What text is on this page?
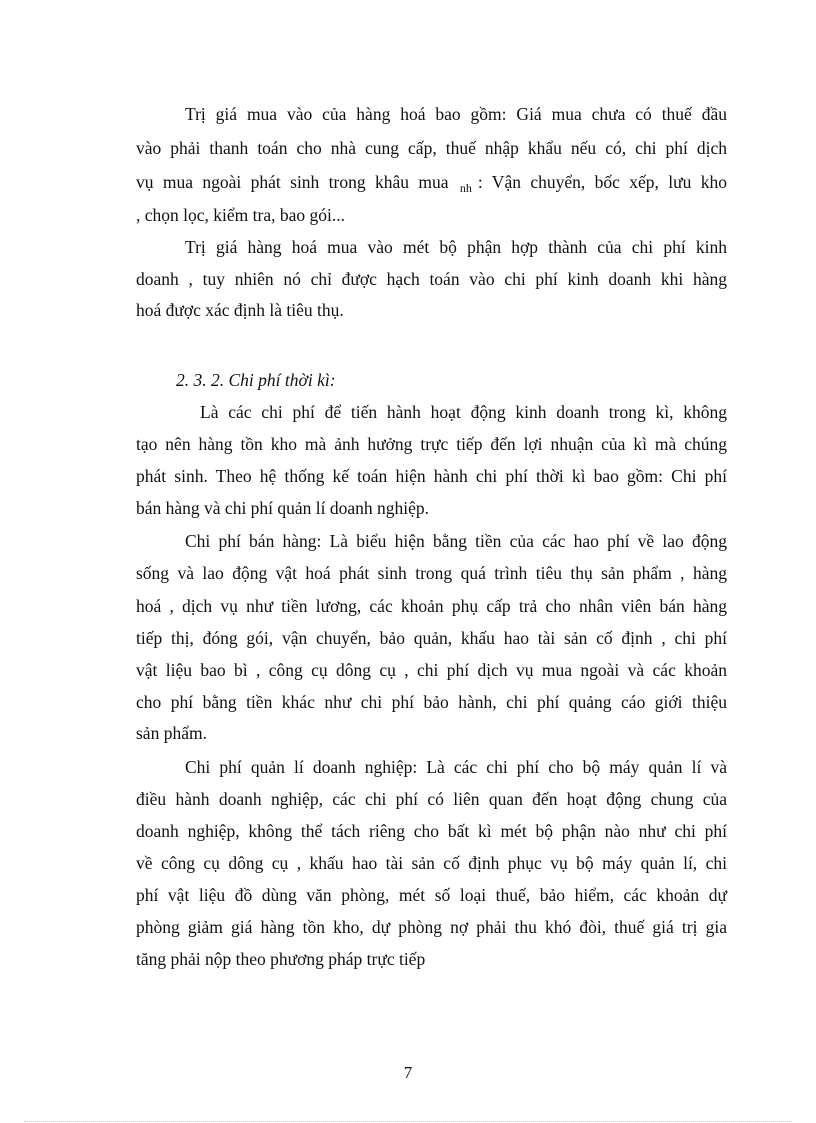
Trị giá mua vào của hàng hoá bao gồm: Giá mua chưa có thuế đầu
vào phải thanh toán cho nhà cung cấp, thuế nhập khẩu nếu có, chi phí dịch
vụ mua ngoài phát sinh trong khâu mua $_{nh}$ : Vận chuyển, bốc xếp, lưu kho
, chọn lọc, kiểm tra, bao gói...
Trị giá hàng hoá mua vào mét bộ phận hợp thành của chi phí kinh
doanh , tuy nhiên nó chỉ được hạch toán vào chi phí kinh doanh khi hàng
hoá được xác định là tiêu thụ.
2. 3. 2. Chi phí thời kì:
Là các chi phí để tiến hành hoạt động kinh doanh trong kì, không
tạo nên hàng tồn kho mà ảnh hưởng trực tiếp đến lợi nhuận của kì mà chúng
phát sinh. Theo hệ thống kế toán hiện hành chi phí thời kì bao gồm: Chi phí
bán hàng và chi phí quản lí doanh nghiệp.
Chi phí bán hàng: Là biểu hiện bằng tiền của các hao phí về lao động
sống và lao động vật hoá phát sinh trong quá trình tiêu thụ sản phẩm , hàng
hoá , dịch vụ như tiền lương, các khoản phụ cấp trả cho nhân viên bán hàng
tiếp thị, đóng gói, vận chuyển, bảo quản, khấu hao tài sản cố định , chi phí
vật liệu bao bì , công cụ dông cụ , chi phí dịch vụ mua ngoài và các khoản
cho phí bằng tiền khác như chi phí bảo hành, chi phí quảng cáo giới thiệu
sản phẩm.
Chi phí quản lí doanh nghiệp: Là các chi phí cho bộ máy quản lí và
điều hành doanh nghiệp, các chi phí có liên quan đến hoạt động chung của
doanh nghiệp, không thể tách riêng cho bất kì mét bộ phận nào như chi phí
về công cụ dông cụ , khấu hao tài sản cố định phục vụ bộ máy quản lí, chi
phí vật liệu đồ dùng văn phòng, mét số loại thuế, bảo hiểm, các khoản dự
phòng giảm giá hàng tồn kho, dự phòng nợ phải thu khó đòi, thuế giá trị gia
tăng phải nộp theo phương pháp trực tiếp
7
